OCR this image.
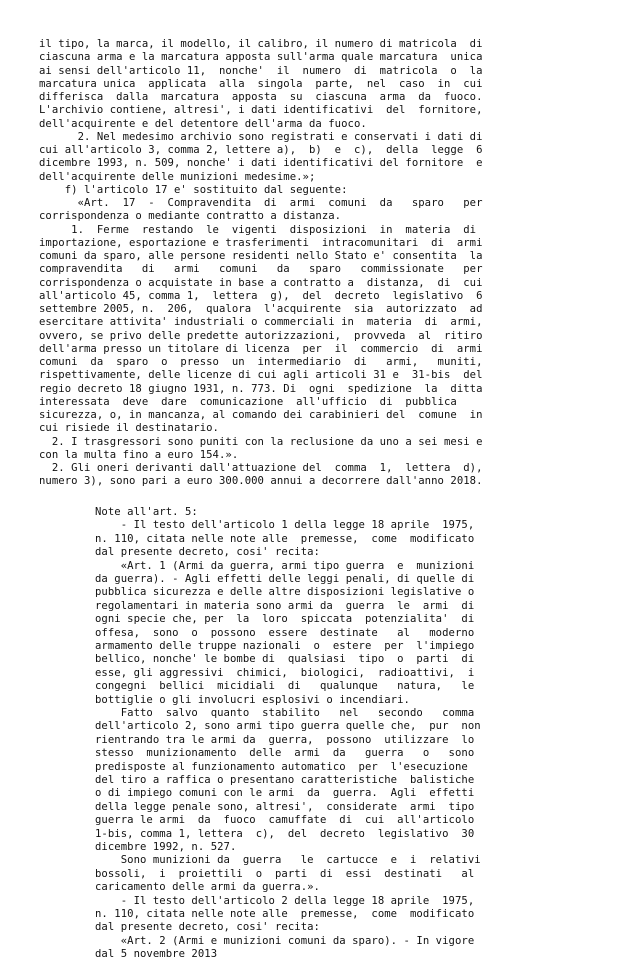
il tipo, la marca, il modello, il calibro, il numero di matricola  di
ciascuna arma e la marcatura apposta sull'arma quale marcatura  unica
ai sensi dell'articolo 11,  nonche'  il  numero  di  matricola  o  la
marcatura unica  applicata  alla  singola  parte,  nel  caso  in  cui
differisca  dalla  marcatura  apposta  su  ciascuna  arma  da  fuoco.
L'archivio contiene, altresi', i dati identificativi  del  fornitore,
dell'acquirente e del detentore dell'arma da fuoco.
2. Nel medesimo archivio sono registrati e conservati i dati di
cui all'articolo 3, comma 2, lettere a),  b)  e  c),  della  legge  6
dicembre 1993, n. 509, nonche' i dati identificativi del fornitore  e
dell'acquirente delle munizioni medesime.»;
f) l'articolo 17 e' sostituito dal seguente:
«Art.  17  -  Compravendita  di  armi  comuni  da   sparo   per
corrispondenza o mediante contratto a distanza.
1.  Ferme  restando  le  vigenti  disposizioni  in  materia  di
importazione, esportazione e trasferimenti  intracomunitari  di  armi
comuni da sparo, alle persone residenti nello Stato e' consentita  la
compravendita   di   armi   comuni   da   sparo   commissionate   per
corrispondenza o acquistate in base a contratto a  distanza,  di  cui
all'articolo 45, comma 1,  lettera  g),  del  decreto  legislativo  6
settembre 2005, n.  206,  qualora  l'acquirente  sia  autorizzato  ad
esercitare attivita' industriali o commerciali in  materia  di  armi,
ovvero, se privo delle predette autorizzazioni,  provveda  al  ritiro
dell'arma presso un titolare di licenza  per  il  commercio  di  armi
comuni  da  sparo  o  presso  un  intermediario  di   armi,   muniti,
rispettivamente, delle licenze di cui agli articoli 31 e  31-bis  del
regio decreto 18 giugno 1931, n. 773. Di  ogni  spedizione  la  ditta
interessata  deve  dare  comunicazione  all'ufficio  di  pubblica
sicurezza, o, in mancanza, al comando dei carabinieri del  comune  in
cui risiede il destinatario.
2. I trasgressori sono puniti con la reclusione da uno a sei mesi e
con la multa fino a euro 154.».
2. Gli oneri derivanti dall'attuazione del  comma  1,  lettera  d),
numero 3), sono pari a euro 300.000 annui a decorrere dall'anno 2018.
Note all'art. 5:
- Il testo dell'articolo 1 della legge 18 aprile  1975,
n. 110, citata nelle note alle  premesse,  come  modificato
dal presente decreto, cosi' recita:
«Art. 1 (Armi da guerra, armi tipo guerra  e  munizioni
da guerra). - Agli effetti delle leggi penali, di quelle di
pubblica sicurezza e delle altre disposizioni legislative o
regolamentari in materia sono armi da  guerra  le  armi  di
ogni specie che, per  la  loro  spiccata  potenzialita'  di
offesa,  sono  o  possono  essere  destinate   al   moderno
armamento delle truppe nazionali  o  estere  per  l'impiego
bellico, nonche' le bombe di  qualsiasi  tipo  o  parti  di
esse, gli aggressivi  chimici,  biologici,  radioattivi,  i
congegni  bellici  micidiali  di   qualunque   natura,   le
bottiglie o gli involucri esplosivi o incendiari.
Fatto  salvo  quanto  stabilito   nel   secondo   comma
dell'articolo 2, sono armi tipo guerra quelle che,  pur  non
rientrando tra le armi da  guerra,  possono  utilizzare  lo
stesso  munizionamento  delle  armi  da   guerra   o   sono
predisposte al funzionamento automatico  per  l'esecuzione
del tiro a raffica o presentano caratteristiche  balistiche
o di impiego comuni con le armi  da  guerra.  Agli  effetti
della legge penale sono, altresi',  considerate  armi  tipo
guerra le armi  da  fuoco  camuffate  di  cui  all'articolo
1-bis, comma 1, lettera  c),  del  decreto  legislativo  30
dicembre 1992, n. 527.
Sono munizioni da  guerra   le  cartucce  e  i  relativi
bossoli,  i  proiettili  o  parti  di  essi  destinati   al
caricamento delle armi da guerra.».
- Il testo dell'articolo 2 della legge 18 aprile  1975,
n. 110, citata nelle note alle  premesse,  come  modificato
dal presente decreto, cosi' recita:
«Art. 2 (Armi e munizioni comuni da sparo). - In vigore
dal 5 novembre 2013
